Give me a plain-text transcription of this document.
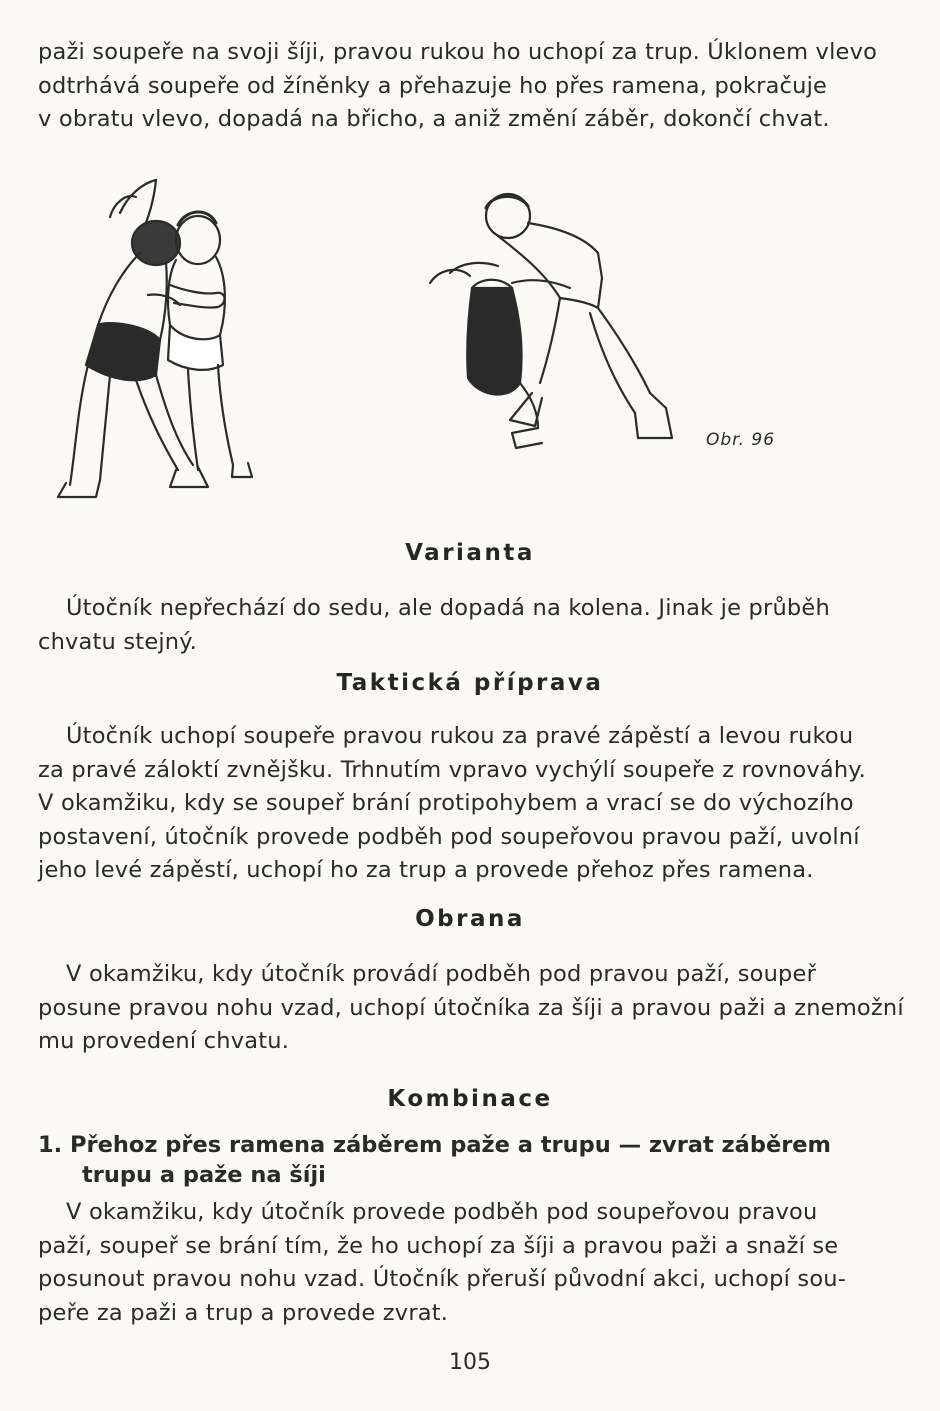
paži soupeře na svoji šíji, pravou rukou ho uchopí za trup. Úklonem vlevo
odtrhává soupeře od žíněnky a přehazuje ho přes ramena, pokračuje
v obratu vlevo, dopadá na břicho, a aniž změní záběr, dokončí chvat.

Obr. 96
Varianta

Útočník nepřechází do sedu, ale dopadá na kolena. Jinak je průběh
chvatu stejný.

Taktická příprava

Útočník uchopí soupeře pravou rukou za pravé zápěstí a levou rukou
za pravé záloktí zvnějšku. Trhnutím vpravo vychýlí soupeře z rovnováhy.
V okamžiku, kdy se soupeř brání protipohybem a vrací se do výchozího
postavení, útočník provede podběh pod soupeřovou pravou paží, uvolní
jeho levé zápěstí, uchopí ho za trup a provede přehoz přes ramena.

Obrana

V okamžiku, kdy útočník provádí podběh pod pravou paží, soupeř
posune pravou nohu vzad, uchopí útočníka za šíji a pravou paži a znemožní
mu provedení chvatu.

Kombinace

1. Přehoz přes ramena záběrem paže a trupu — zvrat záběrem
trupu a paže na šíji

V okamžiku, kdy útočník provede podběh pod soupeřovou pravou
paží, soupeř se brání tím, že ho uchopí za šíji a pravou paži a snaží se
posunout pravou nohu vzad. Útočník přeruší původní akci, uchopí sou-
peře za paži a trup a provede zvrat.

105
